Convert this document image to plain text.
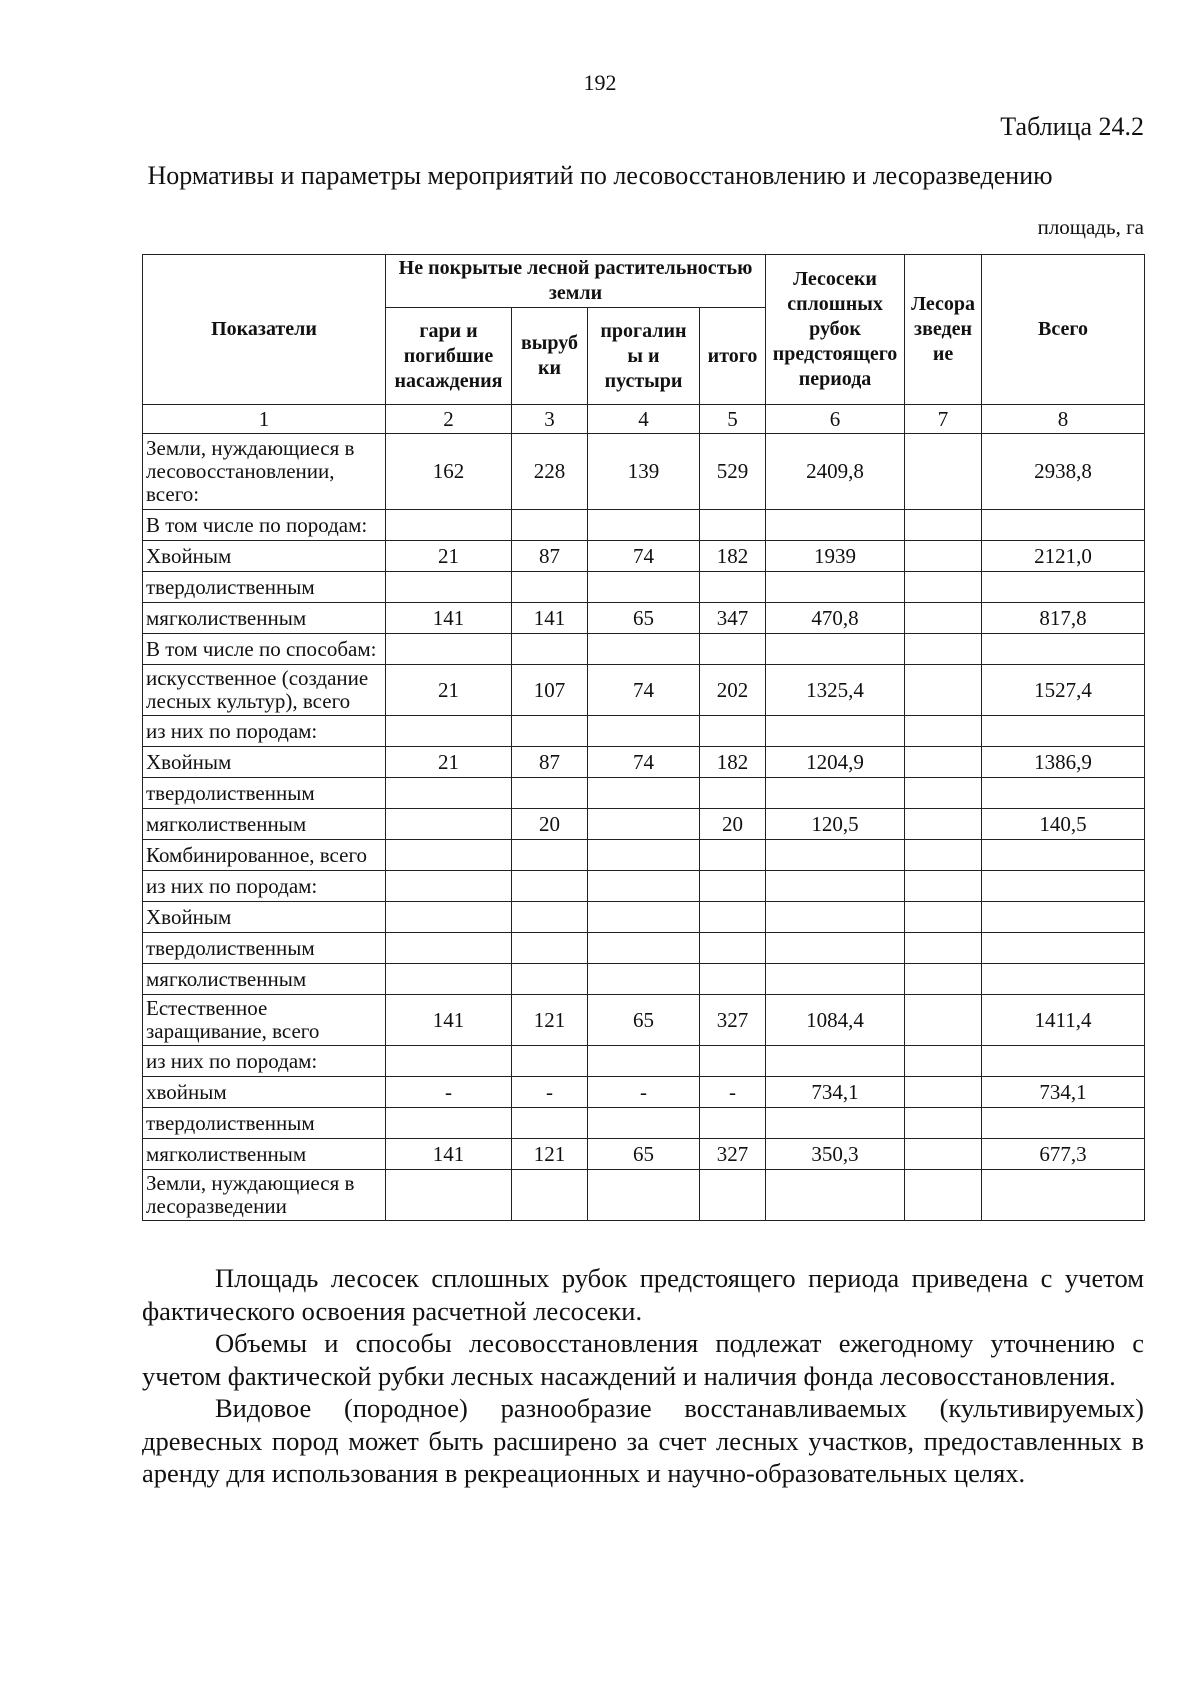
192
Таблица 24.2
Нормативы и параметры мероприятий по лесовосстановлению и лесоразведению
площадь, га
Показатели	Не покрытые лесной растительностью земли				Лесосеки сплошных рубок предстоящего периода	Лесора зведен ие	Всего
	гари и погибшие насаждения	выруб ки	прогалин ы и пустыри	итого			
1	2	3	4	5	6	7	8
Земли, нуждающиеся в лесовосстановлении, всего:	162	228	139	529	2409,8		2938,8
В том числе по породам:							
Хвойным	21	87	74	182	1939		2121,0
твердолиственным							
мягколиственным	141	141	65	347	470,8		817,8
В том числе по способам:							
искусственное (создание лесных культур), всего	21	107	74	202	1325,4		1527,4
из них по породам:							
Хвойным	21	87	74	182	1204,9		1386,9
твердолиственным							
мягколиственным		20		20	120,5		140,5
Комбинированное, всего							
из них по породам:							
Хвойным							
твердолиственным							
мягколиственным							
Естественное заращивание, всего	141	121	65	327	1084,4		1411,4
из них по породам:							
хвойным	-	-	-	-	734,1		734,1
твердолиственным							
мягколиственным	141	121	65	327	350,3		677,3
Земли, нуждающиеся в лесоразведении							

Площадь лесосек сплошных рубок предстоящего периода приведена с учетом фактического освоения расчетной лесосеки.

Объемы и способы лесовосстановления подлежат ежегодному уточнению с учетом фактической рубки лесных насаждений и наличия фонда лесовосстановления.

Видовое (породное) разнообразие восстанавливаемых (культивируемых) древесных пород может быть расширено за счет лесных участков, предоставленных в аренду для использования в рекреационных и научно-образовательных целях.
